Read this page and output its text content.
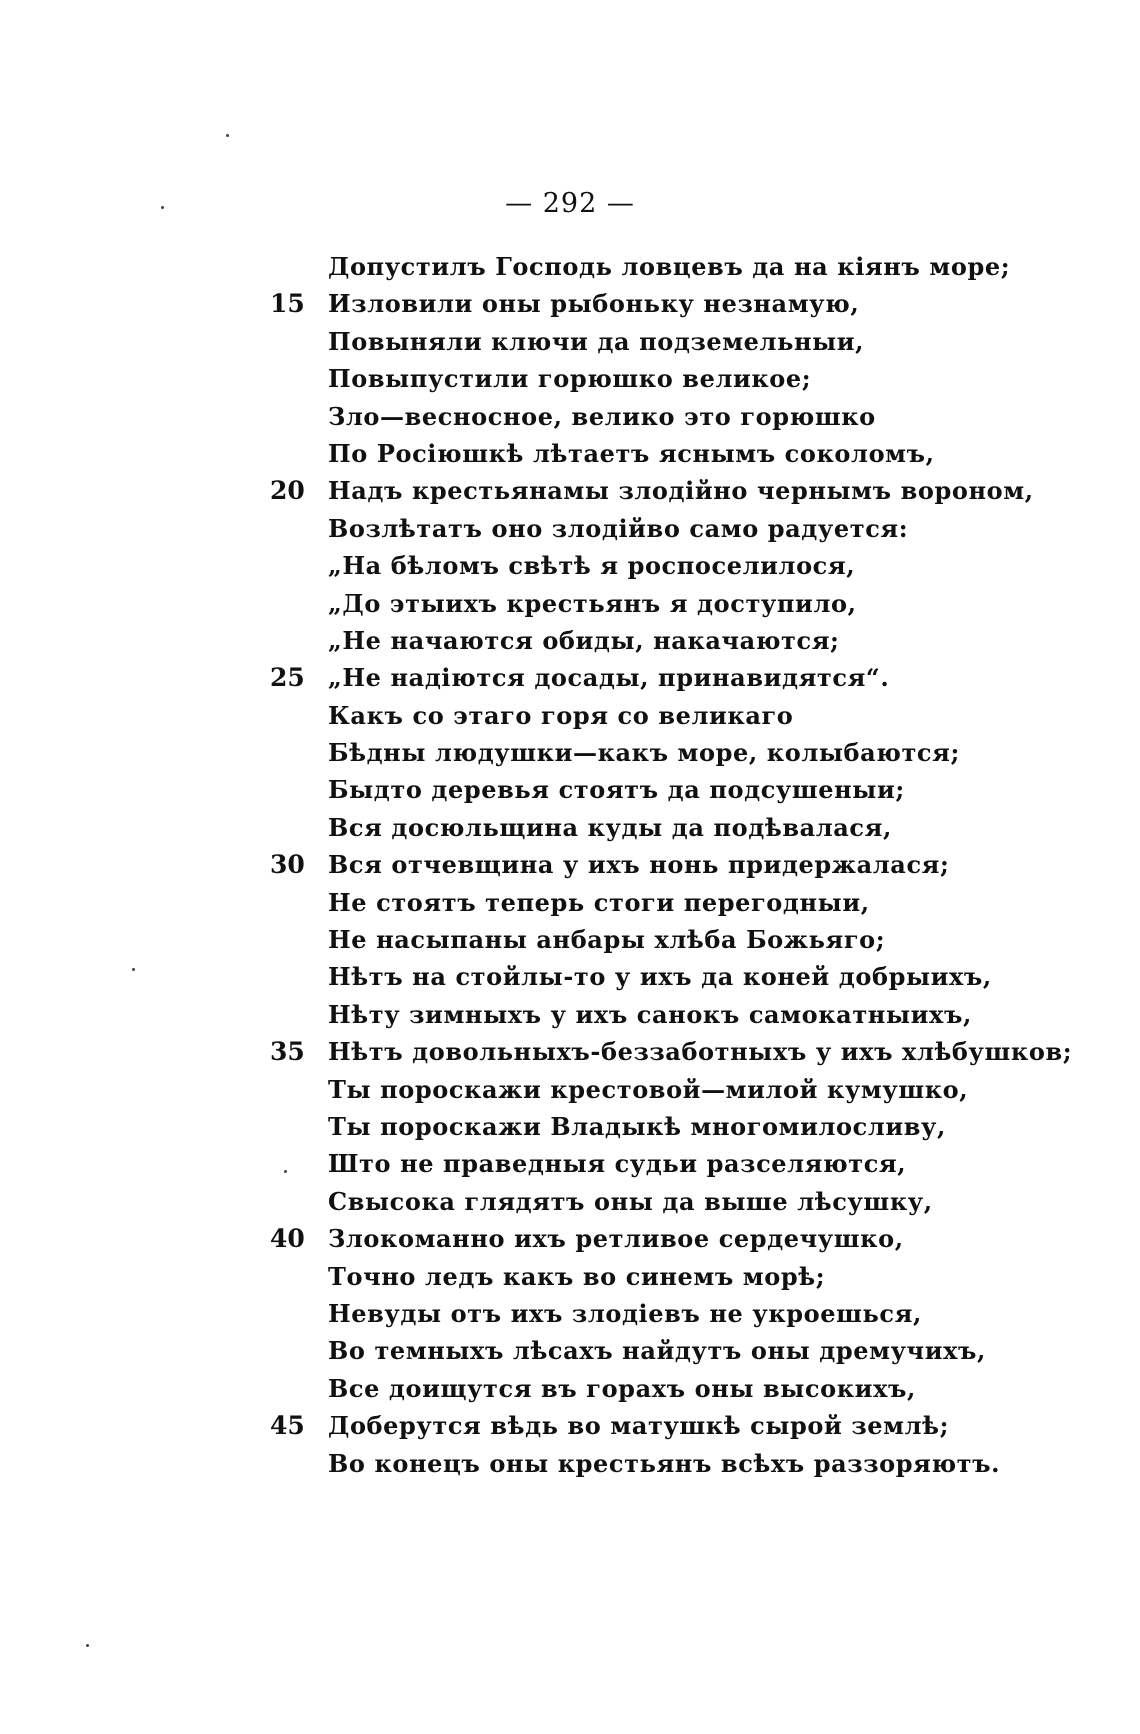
— 292 —
Допустилъ Господь ловцевъ да на кіянъ море;
15 Изловили оны рыбоньку незнамую,
Повыняли ключи да подземельныи,
Повыпустили горюшко великое;
Зло—весносное, велико это горюшко
По Росіюшкѣ лѣтаетъ яснымъ соколомъ,
20 Надъ крестьянамы злодійно чернымъ вороном,
Возлѣтатъ оно злодійво само радуется:
„На бѣломъ свѣтѣ я роспоселилося,
„До этыихъ крестьянъ я доступило,
„Не начаются обиды, накачаются;
25 „Не надіются досады, принавидятся“.
Какъ со этаго горя со великаго
Бѣдны людушки—какъ море, колыбаются;
Быдто деревья стоятъ да подсушеныи;
Вся досюльщина куды да подѣвалася,
30 Вся отчевщина у ихъ нонь придержалася;
Не стоятъ теперь стоги перегодныи,
Не насыпаны анбары хлѣба Божьяго;
Нѣтъ на стойлы-то у ихъ да коней добрыихъ,
Нѣту зимныхъ у ихъ санокъ самокатныихъ,
35 Нѣтъ довольныхъ-беззаботныхъ у ихъ хлѣбушков;
Ты пороскажи крестовой—милой кумушко,
Ты пороскажи Владыкѣ многомилосливу,
Што не праведныя судьи разселяются,
Свысока глядятъ оны да выше лѣсушку,
40 Злокоманно ихъ ретливое сердечушко,
Точно ледъ какъ во синемъ морѣ;
Невуды отъ ихъ злодіевъ не укроешься,
Во темныхъ лѣсахъ найдутъ оны дремучихъ,
Все доищутся въ горахъ оны высокихъ,
45 Доберутся вѣдь во матушкѣ сырой землѣ;
Во конецъ оны крестьянъ всѣхъ раззоряютъ.
